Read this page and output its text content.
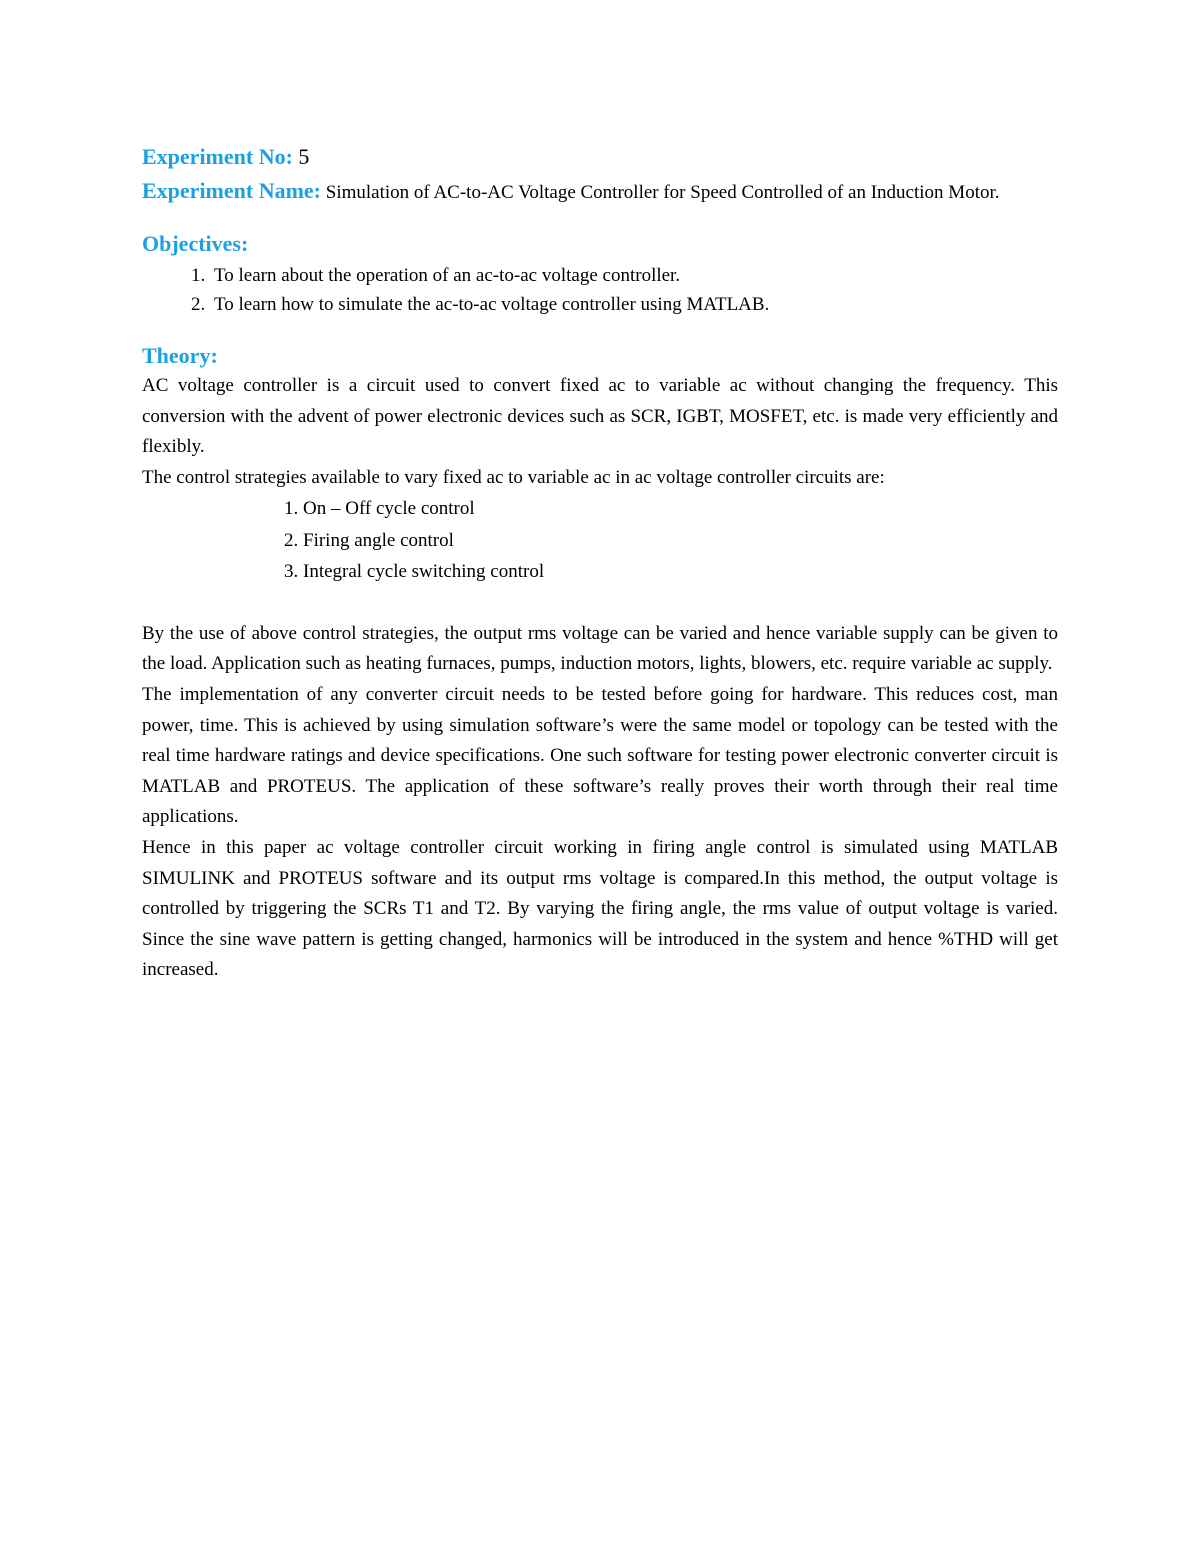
Experiment No: 5

Experiment Name: Simulation of AC-to-AC Voltage Controller for Speed Controlled of an Induction Motor.

Objectives:
1. To learn about the operation of an ac-to-ac voltage controller.
2. To learn how to simulate the ac-to-ac voltage controller using MATLAB.
Theory:

AC voltage controller is a circuit used to convert fixed ac to variable ac without changing the frequency. This conversion with the advent of power electronic devices such as SCR, IGBT, MOSFET, etc. is made very efficiently and flexibly.

The control strategies available to vary fixed ac to variable ac in ac voltage controller circuits are:

1. On – Off cycle control
2. Firing angle control
3. Integral cycle switching control

By the use of above control strategies, the output rms voltage can be varied and hence variable supply can be given to the load. Application such as heating furnaces, pumps, induction motors, lights, blowers, etc. require variable ac supply.

The implementation of any converter circuit needs to be tested before going for hardware. This reduces cost, man power, time. This is achieved by using simulation software’s were the same model or topology can be tested with the real time hardware ratings and device specifications. One such software for testing power electronic converter circuit is MATLAB and PROTEUS. The application of these software’s really proves their worth through their real time applications.

Hence in this paper ac voltage controller circuit working in firing angle control is simulated using MATLAB SIMULINK and PROTEUS software and its output rms voltage is compared.In this method, the output voltage is controlled by triggering the SCRs T1 and T2. By varying the firing angle, the rms value of output voltage is varied. Since the sine wave pattern is getting changed, harmonics will be introduced in the system and hence %THD will get increased.
